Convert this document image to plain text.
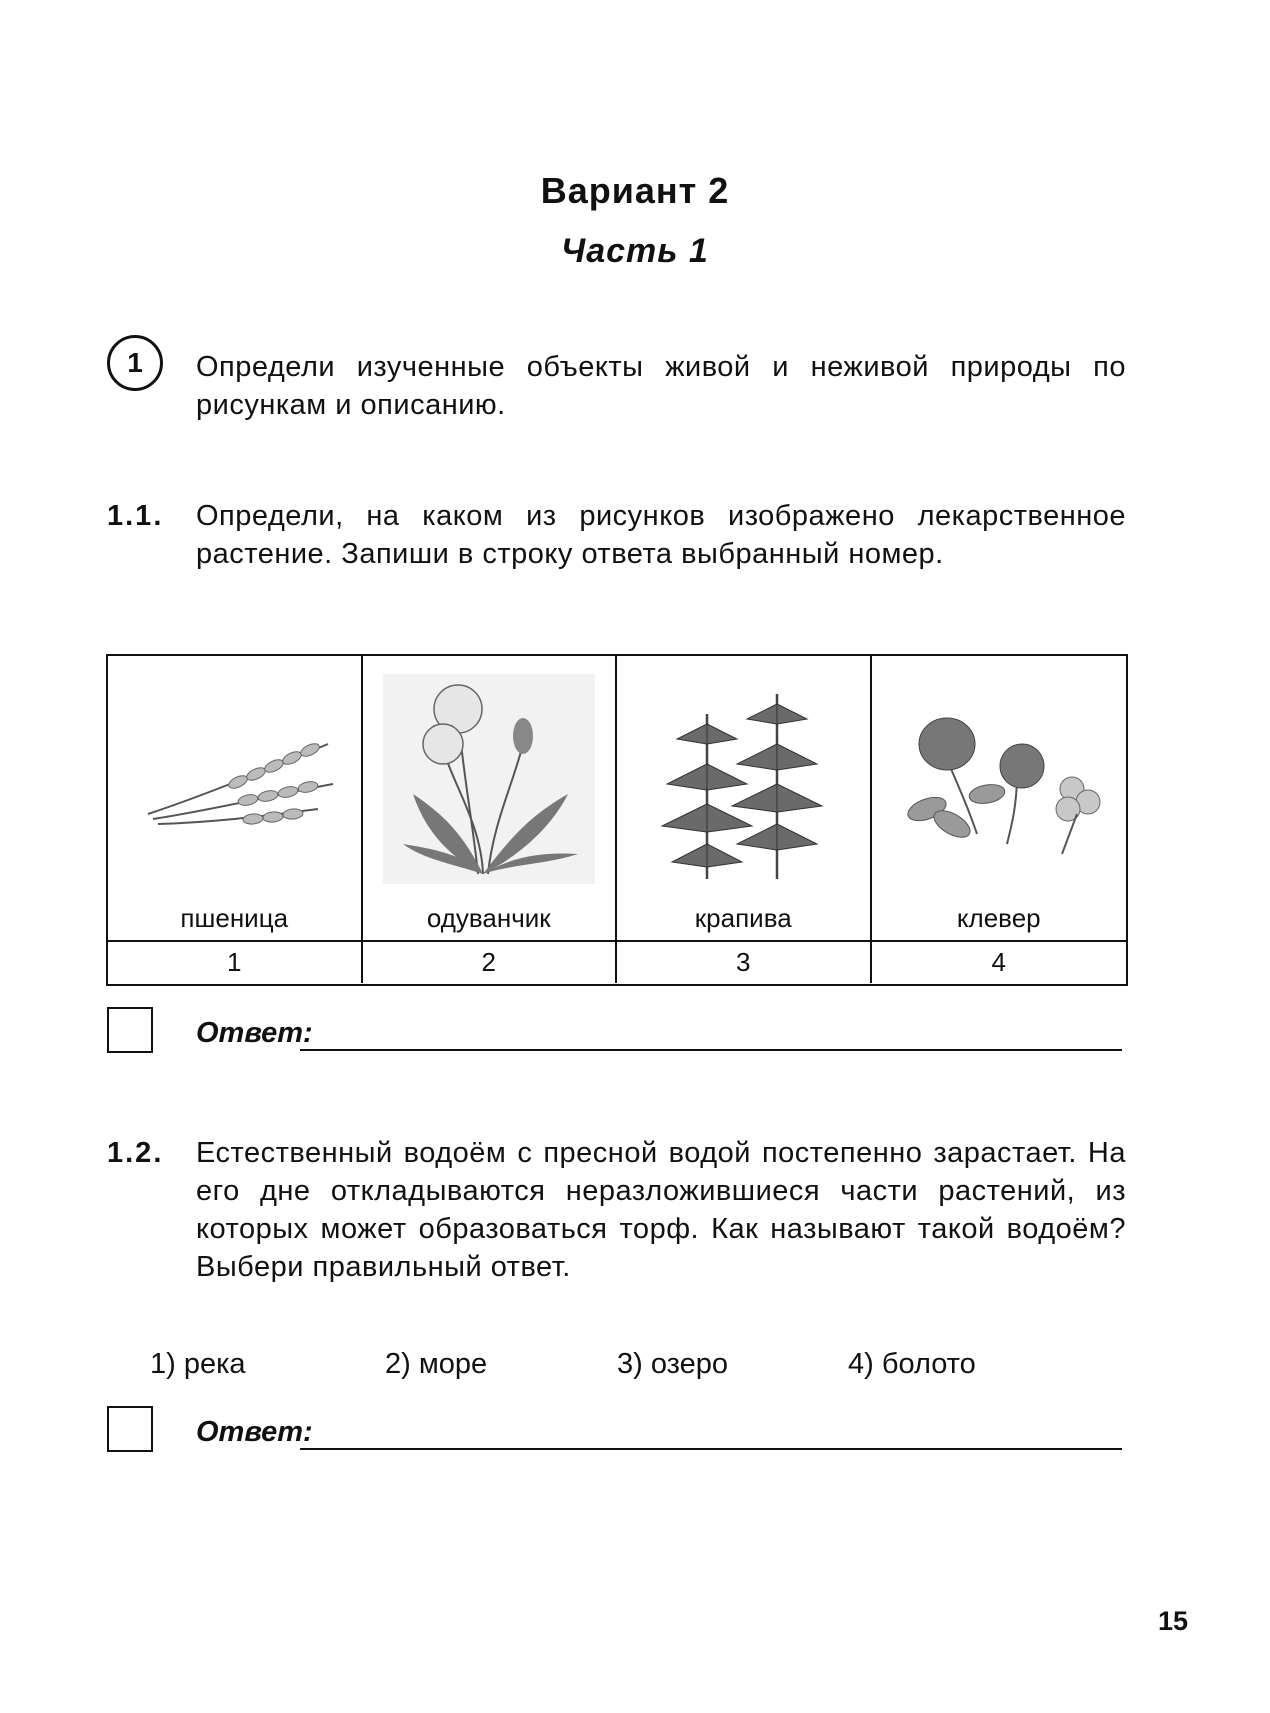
Вариант 2
Часть 1
1	Определи изученные объекты живой и неживой природы по рисункам и описанию.
1.1. Определи, на каком из рисунков изображено лекарственное растение. Запиши в строку ответа выбранный номер.
пшеница	одуванчик	крапива	клевер
1	2	3	4
Ответ:
1.2. Естественный водоём с пресной водой постепенно зарастает. На его дне откладываются неразложившиеся части растений, из которых может образоваться торф. Как называют такой водоём? Выбери правильный ответ.
1) река	2) море	3) озеро	4) болото
Ответ:
15
